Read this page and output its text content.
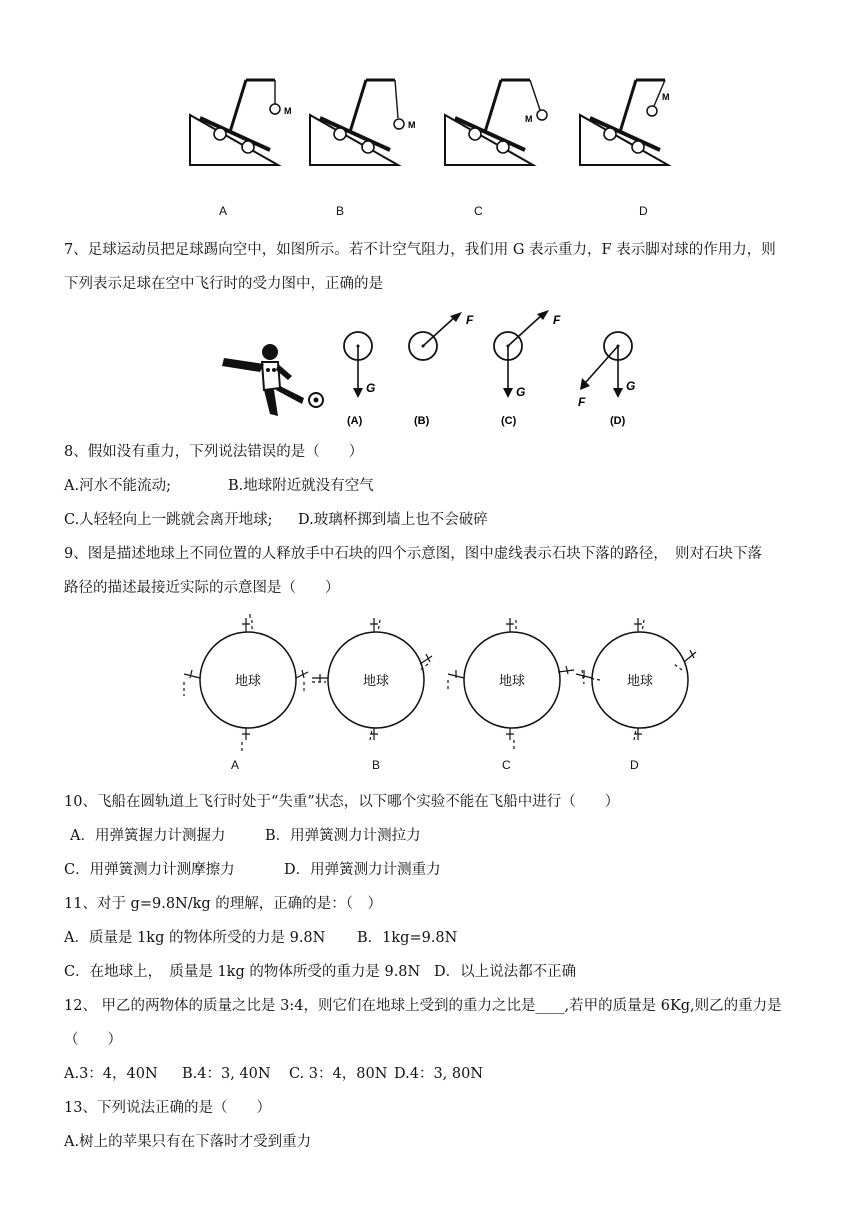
M
M
M
M
A	B	C	D
7、足球运动员把足球踢向空中，如图所示。若不计空气阻力，我们用 G 表示重力，F 表示脚对球的作用力，则
下列表示足球在空中飞行时的受力图中，正确的是
G
F	F
G	G
F
(A)	(B)	(C)	(D)
8、假如没有重力，下列说法错误的是（　　）
A.河水不能流动;	B.地球附近就没有空气
C.人轻轻向上一跳就会离开地球; D.玻璃杯掷到墙上也不会破碎
9、图是描述地球上不同位置的人释放手中石块的四个示意图，图中虚线表示石块下落的路径，　则对石块下落
路径的描述最接近实际的示意图是（　　）
地球	地球	地球	地球
A	B	C	D
10、飞船在圆轨道上飞行时处于“失重”状态，以下哪个实验不能在飞船中进行（　　）
A．用弹簧握力计测握力	B．用弹簧测力计测拉力
C．用弹簧测力计测摩擦力	D．用弹簧测力计测重力
11、对于 g=9.8N/kg 的理解，正确的是：（　）
A．质量是 1kg 的物体所受的力是 9.8N B．1kg=9.8N
C．在地球上，　质量是 1kg 的物体所受的重力是 9.8N D．以上说法都不正确
12、 甲乙的两物体的质量之比是 3:4，则它们在地球上受到的重力之比是____,若甲的质量是 6Kg,则乙的重力是
（　　）
A.3：4，40N B.4：3, 40N C. 3：4，80N D.4：3, 80N
13、下列说法正确的是（　　）
A.树上的苹果只有在下落时才受到重力
